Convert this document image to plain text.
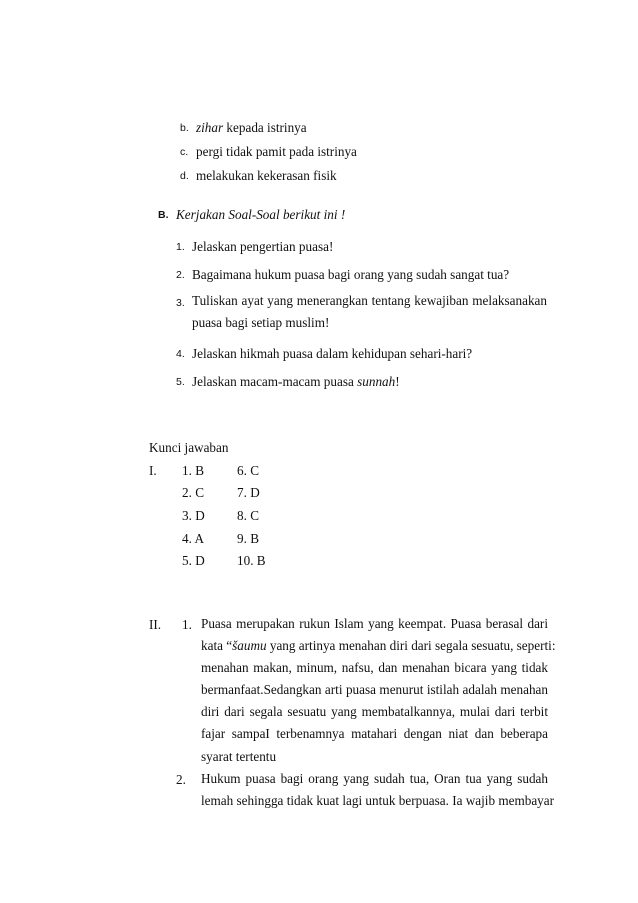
b. zihar kepada istrinya
c. pergi tidak pamit pada istrinya
d. melakukan kekerasan fisik
B. Kerjakan Soal-Soal berikut ini !
1. Jelaskan pengertian puasa!
2. Bagaimana hukum puasa bagi orang yang sudah sangat tua?
3. Tuliskan ayat yang menerangkan tentang kewajiban melaksanakan
puasa bagi setiap muslim!
4. Jelaskan hikmah puasa dalam kehidupan sehari-hari?
5. Jelaskan macam-macam puasa sunnah!
Kunci jawaban
I. 1. B
2. C
3. D
4. A
5. D
6. C
7. D
8. C
9. B
10. B
II. 1. Puasa merupakan rukun Islam yang keempat. Puasa berasal dari
kata “šaumu yang artinya menahan diri dari segala sesuatu, seperti:
menahan makan, minum, nafsu, dan menahan bicara yang tidak
bermanfaat.Sedangkan arti puasa menurut istilah adalah menahan
diri dari segala sesuatu yang membatalkannya, mulai dari terbit
fajar sampaI terbenamnya matahari dengan niat dan beberapa
syarat tertentu
2. Hukum puasa bagi orang yang sudah tua, Oran tua yang sudah
lemah sehingga tidak kuat lagi untuk berpuasa. Ia wajib membayar
